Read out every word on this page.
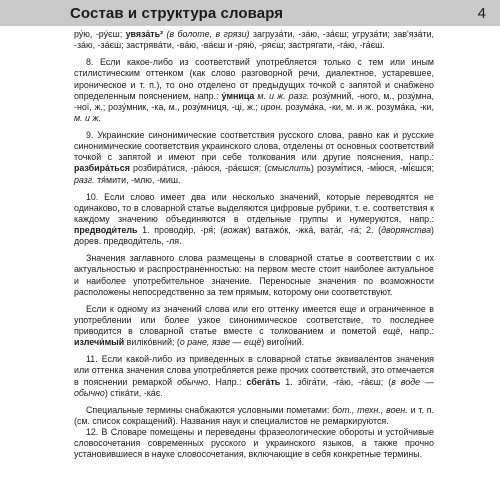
Состав и структура словаря	4

ру́ю, -ру́єш; увяза́ть² (в болоте, в грязи) загруза́ти, -за́ю, -за́єш; угруза́ти; зав'яза́ти, -за́ю, -за́єш; застрява́ти, -ва́ю, -ва́єш и -ряю́, -ряє́ш; застрягати, -га́ю, -га́єш.

8. Если какое-либо из соответствий употребляется только с тем или иным стилистическим оттенком (как слово разговорной речи, диалектное, устаревшее, ироническое и т. п.), то оно отделено от предыдущих точкой с запятой и снабжено определенным пояснением, напр.: у́мница м. и ж. разг. розу́мний, -ного, м., розу́мна, -ної, ж.; розу́мник, -ка, м., розу́мниця, -ці, ж.; ирон. розума́ка, -ки, м. и ж. розума́ка, -ки, м. и ж.

9. Украинские синонимические соответствия русского слова, равно как и русские синонимические соответствия украинского слова, отделены от основных соответствий точкой с запятой и имеют при себе толкования или другие пояснения, напр.: разбира́ться розбира́тися, -ра́юся, -ра́єшся; (смыслить) розумі́тися, -мі́юся, -мі́єшся; разг. тя́мити, -млю, -миш.

10. Если слово имеет два или несколько значений, которые переводятся не одинаково, то в словарной статье выделяются цифровые рубрики, т. е. соответствия к каждому значению объединяются в отдельные группы и нумеруются, напр.: предводи́тель 1. проводи́р, -ря́; (вожак) ватажо́к, -жка́, вата́г, -га́; 2. (дворянства) дорев. предводи́тель, -ля.

Значения заглавного слова размещены в словарной статье в соответствии с их актуальностью и распространенностью: на первом месте стоит наиболее актуальное и наиболее употребительное значение. Переносные значения по возможности расположены непосредственно за тем прямым, которому они соответствуют.

Если к одному из значений слова или его оттенку имеется еще и ограниченное в употреблении или более узкое синонимическое соответствие, то последнее приводится в словарной статье вместе с толкованием и пометой ещё, напр.: излечи́мый вилiко́вний; (о ране, язве — ещё) вигої́ний.

11. Если какой-либо из приведенных в словарной статье эквивалентов значения или оттенка значения слова употребляется реже прочих соответствий, это отмечается в пояснении ремаркой обычно. Напр.: сбега́ть 1. збiга́ти, -га́ю, -га́єш; (в воде — обычно) стіка́ти, -ка́є.

Специальные термины снабжаются условными пометами: бот., техн., воен. и т. п. (см. список сокращений). Названия наук и специалистов не ремаркируются.

12. В Словаре помещены и переведены фразеологические обороты и устойчивые словосочетания современных русского и украинского языков, а также прочно установившиеся в науке словосочетания, включающие в себя конкретные термины.
